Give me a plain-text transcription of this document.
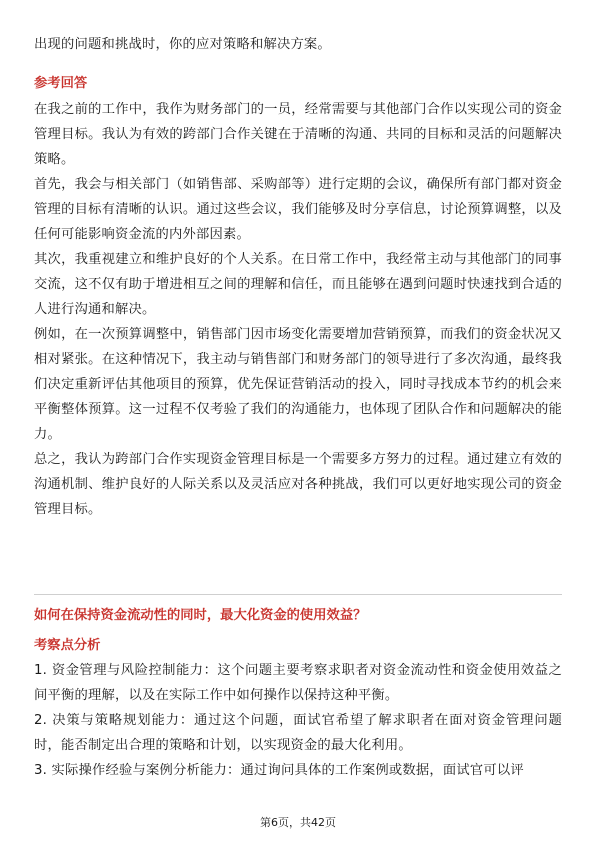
出现的问题和挑战时，你的应对策略和解决方案。

参考回答

在我之前的工作中，我作为财务部门的一员，经常需要与其他部门合作以实现公司的资金管理目标。我认为有效的跨部门合作关键在于清晰的沟通、共同的目标和灵活的问题解决策略。

首先，我会与相关部门（如销售部、采购部等）进行定期的会议，确保所有部门都对资金管理的目标有清晰的认识。通过这些会议，我们能够及时分享信息，讨论预算调整，以及任何可能影响资金流的内外部因素。

其次，我重视建立和维护良好的个人关系。在日常工作中，我经常主动与其他部门的同事交流，这不仅有助于增进相互之间的理解和信任，而且能够在遇到问题时快速找到合适的人进行沟通和解决。

例如，在一次预算调整中，销售部门因市场变化需要增加营销预算，而我们的资金状况又相对紧张。在这种情况下，我主动与销售部门和财务部门的领导进行了多次沟通，最终我们决定重新评估其他项目的预算，优先保证营销活动的投入，同时寻找成本节约的机会来平衡整体预算。这一过程不仅考验了我们的沟通能力，也体现了团队合作和问题解决的能力。

总之，我认为跨部门合作实现资金管理目标是一个需要多方努力的过程。通过建立有效的沟通机制、维护良好的人际关系以及灵活应对各种挑战，我们可以更好地实现公司的资金管理目标。

如何在保持资金流动性的同时，最大化资金的使用效益？
考察点分析

1. 资金管理与风险控制能力：这个问题主要考察求职者对资金流动性和资金使用效益之间平衡的理解，以及在实际工作中如何操作以保持这种平衡。

2. 决策与策略规划能力：通过这个问题，面试官希望了解求职者在面对资金管理问题时，能否制定出合理的策略和计划，以实现资金的最大化利用。

3. 实际操作经验与案例分析能力：通过询问具体的工作案例或数据，面试官可以评

第6页，共42页
